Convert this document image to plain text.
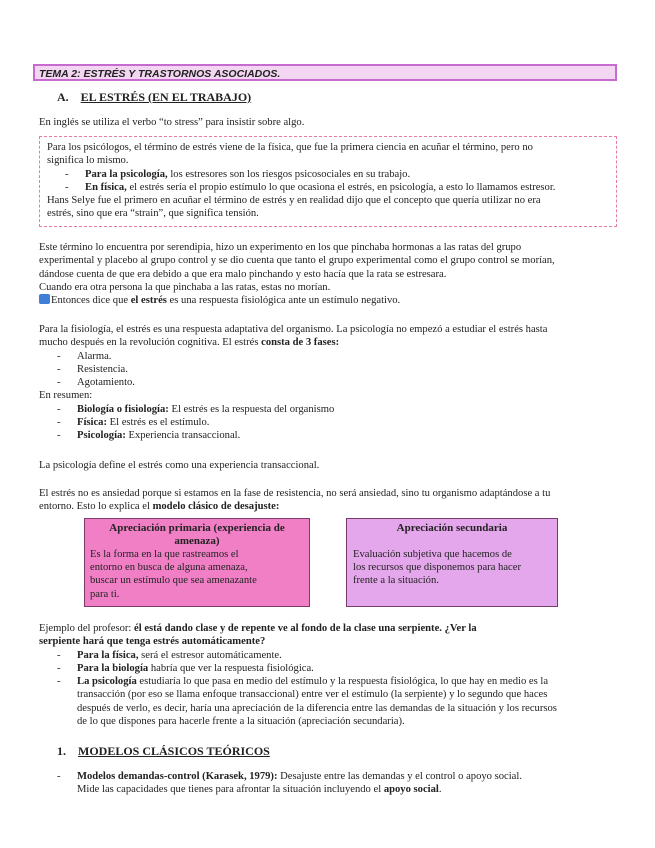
TEMA 2: ESTRÉS Y TRASTORNOS ASOCIADOS.
A. EL ESTRÉS (EN EL TRABAJO)
En inglés se utiliza el verbo “to stress” para insistir sobre algo.
Para los psicólogos, el término de estrés viene de la física, que fue la primera ciencia en acuñar el término, pero no
significa lo mismo.
- Para la psicología, los estresores son los riesgos psicosociales en su trabajo.
- En física, el estrés sería el propio estímulo lo que ocasiona el estrés, en psicología, a esto lo llamamos estresor.
Hans Selye fue el primero en acuñar el término de estrés y en realidad dijo que el concepto que quería utilizar no era
estrés, sino que era “strain”, que significa tensión.
Este término lo encuentra por serendipia, hizo un experimento en los que pinchaba hormonas a las ratas del grupo
experimental y placebo al grupo control y se dio cuenta que tanto el grupo experimental como el grupo control se morían,
dándose cuenta de que era debido a que era malo pinchando y esto hacía que la rata se estresara.
Cuando era otra persona la que pinchaba a las ratas, estas no morían.
Entonces dice que el estrés es una respuesta fisiológica ante un estímulo negativo.
Para la fisiología, el estrés es una respuesta adaptativa del organismo. La psicología no empezó a estudiar el estrés hasta
mucho después en la revolución cognitiva. El estrés consta de 3 fases:
- Alarma.
- Resistencia.
- Agotamiento.
En resumen:
- Biología o fisiología: El estrés es la respuesta del organismo
- Física: El estrés es el estímulo.
- Psicología: Experiencia transaccional.
La psicología define el estrés como una experiencia transaccional.
El estrés no es ansiedad porque si estamos en la fase de resistencia, no será ansiedad, sino tu organismo adaptándose a tu
entorno. Esto lo explica el modelo clásico de desajuste:
Apreciación primaria (experiencia de
amenaza)
Es la forma en la que rastreamos el
entorno en busca de alguna amenaza,
buscar un estímulo que sea amenazante
para ti.
Apreciación secundaria
Evaluación subjetiva que hacemos de
los recursos que disponemos para hacer
frente a la situación.
Ejemplo del profesor: él está dando clase y de repente ve al fondo de la clase una serpiente. ¿Ver la
serpiente hará que tenga estrés automáticamente?
- Para la física, será el estresor automáticamente.
- Para la biología habría que ver la respuesta fisiológica.
- La psicología estudiaría lo que pasa en medio del estímulo y la respuesta fisiológica, lo que hay en medio es la
transacción (por eso se llama enfoque transaccional) entre ver el estímulo (la serpiente) y lo segundo que haces
después de verlo, es decir, haría una apreciación de la diferencia entre las demandas de la situación y los recursos
de lo que dispones para hacerle frente a la situación (apreciación secundaria).
1. MODELOS CLÁSICOS TEÓRICOS
- Modelos demandas-control (Karasek, 1979): Desajuste entre las demandas y el control o apoyo social.
Mide las capacidades que tienes para afrontar la situación incluyendo el apoyo social.
